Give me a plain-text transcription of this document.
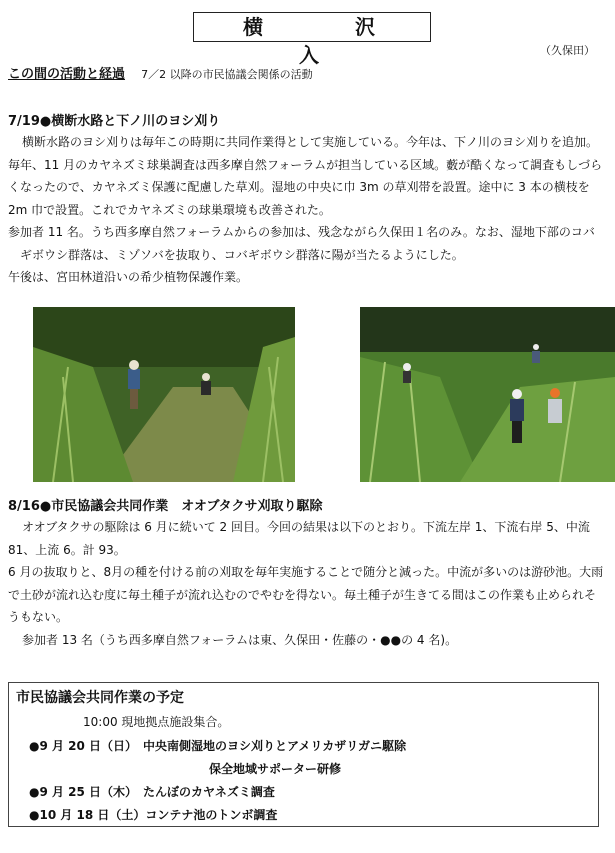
横　沢　入	（久保田）
この間の活動と経過 7／2 以降の市民協議会関係の活動
7/19●横断水路と下ノ川のヨシ刈り

横断水路のヨシ刈りは毎年この時期に共同作業得として実施している。今年は、下ノ川のヨシ刈りを追加。毎年、11 月のカヤネズミ球巣調査は西多摩自然フォーラムが担当している区域。藪が酷くなって調査もしづらくなったので、カヤネズミ保護に配慮した草刈。湿地の中央に巾 3m の草刈帯を設置。途中に 3 本の横枝を 2m 巾で設置。これでカヤネズミの球巣環境も改善された。

参加者 11 名。うち西多摩自然フォーラムからの参加は、残念ながら久保田１名のみ。なお、湿地下部のコバギボウシ群落は、ミゾソバを抜取り、コバギボウシ群落に陽が当たるようにした。

午後は、宮田林道沿いの希少植物保護作業。

8/16●市民協議会共同作業　オオブタクサ刈取り駆除

オオブタクサの駆除は 6 月に続いて 2 回目。今回の結果は以下のとおり。下流左岸 1、下流右岸 5、中流 81、上流 6。計 93。

6 月の抜取りと、8月の種を付ける前の刈取を毎年実施することで随分と減った。中流が多いのは游砂池。大雨で土砂が流れ込む度に毎土種子が流れ込むのでやむを得ない。毎土種子が生きてる間はこの作業も止められそうもない。

参加者 13 名（うち西多摩自然フォーラムは東、久保田・佐藤の・●●の 4 名)。

市民協議会共同作業の予定
10:00 現地拠点施設集合。
●9 月 20 日（日）　中央南側湿地のヨシ刈りとアメリカザリガニ駆除
保全地域サポーター研修
●9 月 25 日（木）　たんぼのカヤネズミ調査
●10 月 18 日（土）コンテナ池のトンボ調査
